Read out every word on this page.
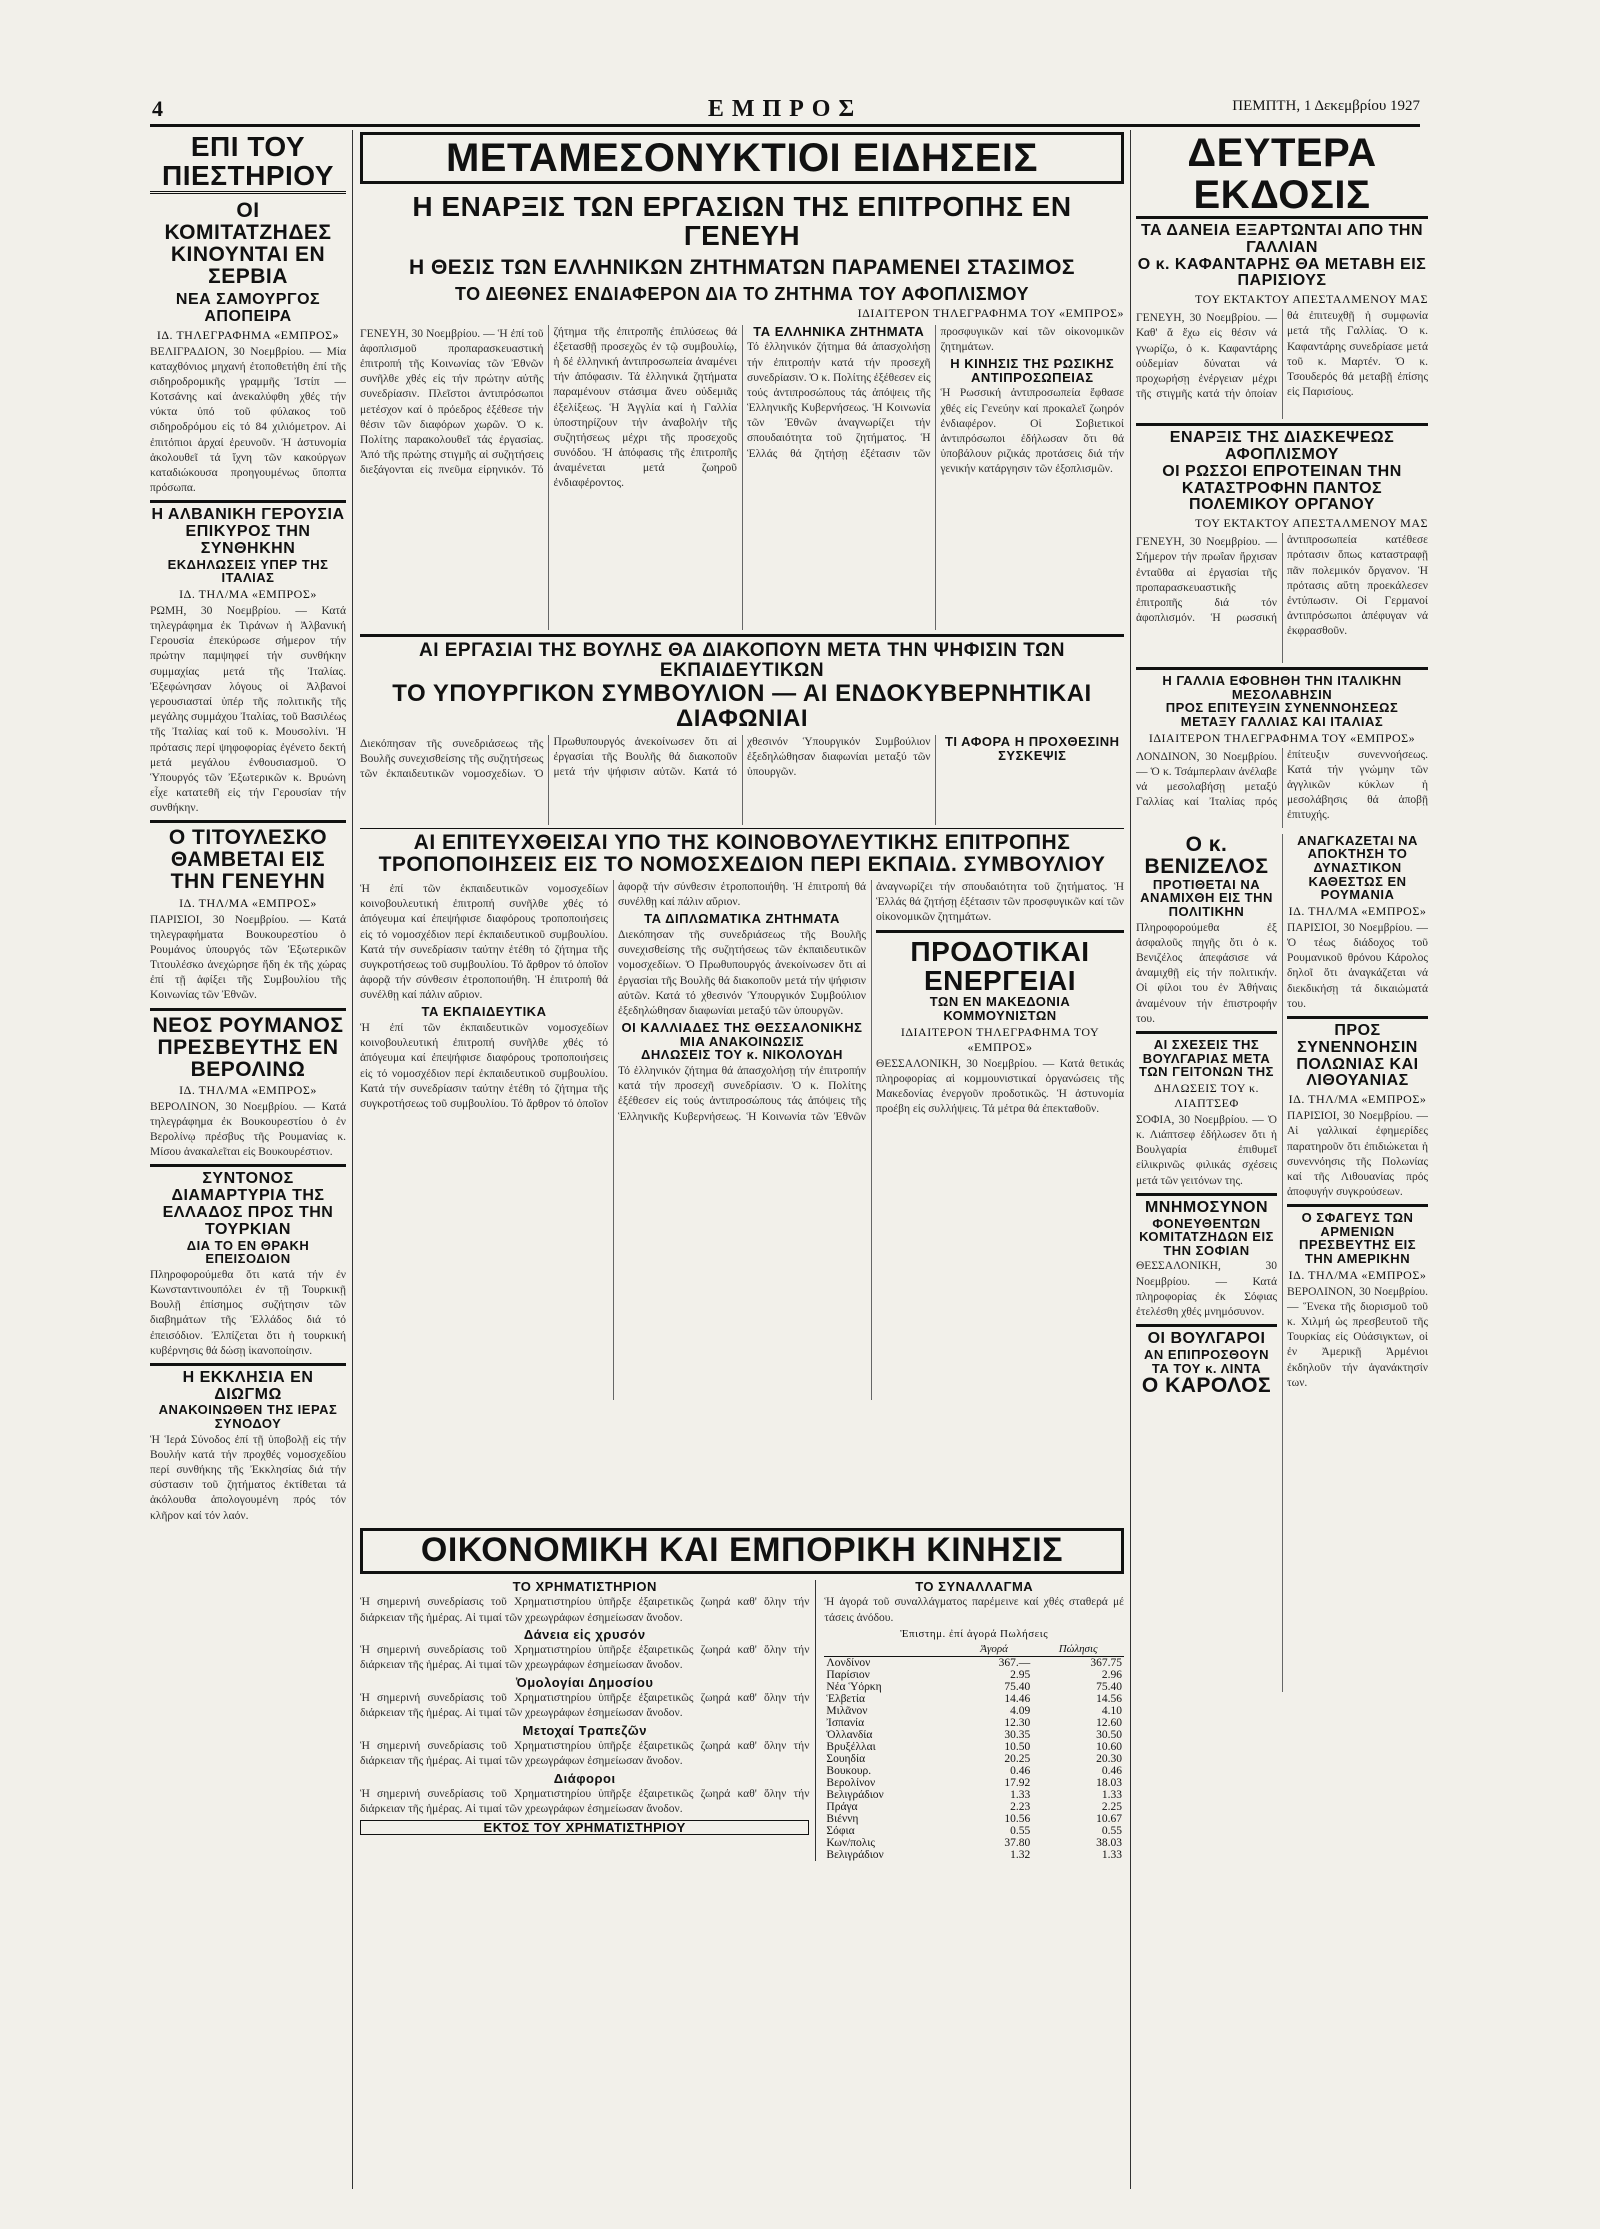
4	ΕΜΠΡΟΣ	ΠΕΜΠΤΗ, 1 Δεκεμβρίου 1927
ΕΠΙ ΤΟΥ ΠΙΕΣΤΗΡΙΟΥ
ΟΙ ΚΟΜΙΤΑΤΖΗΔΕΣ ΚΙΝΟΥΝΤΑΙ ΕΝ ΣΕΡΒΙΑ
ΝΕΑ ΣΑΜΟΥΡΓΟΣ ΑΠΟΠΕΙΡΑ
ΙΔ. ΤΗΛΕΓΡΑΦΗΜΑ «ΕΜΠΡΟΣ»

ΒΕΛΙΓΡΑΔΙΟΝ, 30 Νοεμβρίου. — Μία καταχθόνιος μηχανή ἐτοποθετήθη ἐπί τῆς σιδηροδρομικῆς γραμμῆς Ἰστίπ — Κοτσάνης καί ἀνεκαλύφθη χθές τήν νύκτα ὑπό τοῦ φύλακος τοῦ σιδηροδρόμου εἰς τό 84 χιλιόμετρον. Αἱ ἐπιτόπιοι ἀρχαί ἐρευνοῦν. Ἡ ἀστυνομία ἀκολουθεῖ τά ἴχνη τῶν κακούργων καταδιώκουσα προηγουμένως ὕποπτα πρόσωπα.

Η ΑΛΒΑΝΙΚΗ ΓΕΡΟΥΣΙΑ ΕΠΙΚΥΡΟΣ ΤΗΝ ΣΥΝΘΗΚΗΝ
ΕΚΔΗΛΩΣΕΙΣ ΥΠΕΡ ΤΗΣ ΙΤΑΛΙΑΣ
ΙΔ. ΤΗΛ/ΜΑ «ΕΜΠΡΟΣ»

ΡΩΜΗ, 30 Νοεμβρίου. — Κατά τηλεγράφημα ἐκ Τιράνων ἡ Ἀλβανική Γερουσία ἐπεκύρωσε σήμερον τήν πρώτην παμψηφεί τήν συνθήκην συμμαχίας μετά τῆς Ἰταλίας. Ἐξεφώνησαν λόγους οἱ Ἀλβανοί γερουσιασταί ὑπέρ τῆς πολιτικῆς τῆς μεγάλης συμμάχου Ἰταλίας, τοῦ Βασιλέως τῆς Ἰταλίας καί τοῦ κ. Μουσολίνι. Ἡ πρότασις περί ψηφοφορίας ἐγένετο δεκτή μετά μεγάλου ἐνθουσιασμοῦ. Ὁ Ὑπουργός τῶν Ἐξωτερικῶν κ. Βρυώνη εἶχε κατατεθῆ εἰς τήν Γερουσίαν τήν συνθήκην.

Ο ΤΙΤΟΥΛΕΣΚΟ ΘΑΜΒΕΤΑΙ ΕΙΣ ΤΗΝ ΓΕΝΕΥΗΝ
ΙΔ. ΤΗΛ/ΜΑ «ΕΜΠΡΟΣ»

ΠΑΡΙΣΙΟΙ, 30 Νοεμβρίου. — Κατά τηλεγραφήματα Βουκουρεστίου ὁ Ρουμάνος ὑπουργός τῶν Ἐξωτερικῶν Τιτουλέσκο ἀνεχώρησε ἤδη ἐκ τῆς χώρας ἐπί τῇ ἀφίξει τῆς Συμβουλίου τῆς Κοινωνίας τῶν Ἐθνῶν.

ΝΕΟΣ ΡΟΥΜΑΝΟΣ ΠΡΕΣΒΕΥΤΗΣ ΕΝ ΒΕΡΟΛΙΝΩ
ΙΔ. ΤΗΛ/ΜΑ «ΕΜΠΡΟΣ»

ΒΕΡΟΛΙΝΟΝ, 30 Νοεμβρίου. — Κατά τηλεγράφημα ἐκ Βουκουρεστίου ὁ ἐν Βερολίνῳ πρέσβυς τῆς Ρουμανίας κ. Μίσου ἀνακαλεῖται εἰς Βουκουρέστιον.

ΣΥΝΤΟΝΟΣ ΔΙΑΜΑΡΤΥΡΙΑ ΤΗΣ ΕΛΛΑΔΟΣ ΠΡΟΣ ΤΗΝ ΤΟΥΡΚΙΑΝ
ΔΙΑ ΤΟ ΕΝ ΘΡΑΚΗ ΕΠΕΙΣΟΔΙΟΝ

Πληροφορούμεθα ὅτι κατά τήν ἐν Κωνσταντινουπόλει ἐν τῇ Τουρκικῇ Βουλῇ ἐπίσημος συζήτησιν τῶν διαβημάτων τῆς Ἑλλάδος διά τό ἐπεισόδιον. Ἐλπίζεται ὅτι ἡ τουρκική κυβέρνησις θά δώσῃ ἱκανοποίησιν.

Η ΕΚΚΛΗΣΙΑ ΕΝ ΔΙΩΓΜΩ
ΑΝΑΚΟΙΝΩΘΕΝ ΤΗΣ ΙΕΡΑΣ ΣΥΝΟΔΟΥ

Ἡ Ἱερά Σύνοδος ἐπί τῇ ὑποβολῇ εἰς τήν Βουλήν κατά τήν προχθές νομοσχεδίου περί συνθήκης τῆς Ἐκκλησίας διά τήν σύστασιν τοῦ ζητήματος ἐκτίθεται τά ἀκόλουθα ἀπολογουμένη πρός τόν κλῆρον καί τόν λαόν.

ΜΕΤΑΜΕΣΟΝΥΚΤΙΟΙ ΕΙΔΗΣΕΙΣ
Η ΕΝΑΡΞΙΣ ΤΩΝ ΕΡΓΑΣΙΩΝ ΤΗΣ ΕΠΙΤΡΟΠΗΣ ΕΝ ΓΕΝΕΥΗ
Η ΘΕΣΙΣ ΤΩΝ ΕΛΛΗΝΙΚΩΝ ΖΗΤΗΜΑΤΩΝ ΠΑΡΑΜΕΝΕΙ ΣΤΑΣΙΜΟΣ
ΤΟ ΔΙΕΘΝΕΣ ΕΝΔΙΑΦΕΡΟΝ ΔΙΑ ΤΟ ΖΗΤΗΜΑ ΤΟΥ ΑΦΟΠΛΙΣΜΟΥ
ΙΔΙΑΙΤΕΡΟΝ ΤΗΛΕΓΡΑΦΗΜΑ ΤΟΥ «ΕΜΠΡΟΣ»

ΓΕΝΕΥΗ, 30 Νοεμβρίου. — Ἡ ἐπί τοῦ ἀφοπλισμοῦ προπαρασκευαστική ἐπιτροπή τῆς Κοινωνίας τῶν Ἐθνῶν συνῆλθε χθές εἰς τήν πρώτην αὐτῆς συνεδρίασιν. Πλεῖστοι ἀντιπρόσωποι μετέσχον καί ὁ πρόεδρος ἐξέθεσε τήν θέσιν τῶν διαφόρων χωρῶν. Ὁ κ. Πολίτης παρακολουθεῖ τάς ἐργασίας. Ἀπό τῆς πρώτης στιγμῆς αἱ συζητήσεις διεξάγονται εἰς πνεῦμα εἰρηνικόν. Τό ζήτημα τῆς ἐπιτροπῆς ἐπιλύσεως θά ἐξετασθῇ προσεχῶς ἐν τῷ συμβουλίῳ, ἡ δέ ἑλληνική ἀντιπροσωπεία ἀναμένει τήν ἀπόφασιν. Τά ἑλληνικά ζητήματα παραμένουν στάσιμα ἄνευ οὐδεμιᾶς ἐξελίξεως. Ἡ Ἀγγλία καί ἡ Γαλλία ὑποστηρίζουν τήν ἀναβολήν τῆς συζητήσεως μέχρι τῆς προσεχοῦς συνόδου. Ἡ ἀπόφασις τῆς ἐπιτροπῆς ἀναμένεται μετά ζωηροῦ ἐνδιαφέροντος.

ΤΑ ΕΛΛΗΝΙΚΑ ΖΗΤΗΜΑΤΑ

Τό ἑλληνικόν ζήτημα θά ἀπασχολήσῃ τήν ἐπιτροπήν κατά τήν προσεχῆ συνεδρίασιν. Ὁ κ. Πολίτης ἐξέθεσεν εἰς τούς ἀντιπροσώπους τάς ἀπόψεις τῆς Ἑλληνικῆς Κυβερνήσεως. Ἡ Κοινωνία τῶν Ἐθνῶν ἀναγνωρίζει τήν σπουδαιότητα τοῦ ζητήματος. Ἡ Ἑλλάς θά ζητήσῃ ἐξέτασιν τῶν προσφυγικῶν καί τῶν οἰκονομικῶν ζητημάτων.

Η ΚΙΝΗΣΙΣ ΤΗΣ ΡΩΣΙΚΗΣ ΑΝΤΙΠΡΟΣΩΠΕΙΑΣ

Ἡ Ρωσσική ἀντιπροσωπεία ἔφθασε χθές εἰς Γενεύην καί προκαλεῖ ζωηρόν ἐνδιαφέρον. Οἱ Σοβιετικοί ἀντιπρόσωποι ἐδήλωσαν ὅτι θά ὑποβάλουν ριζικάς προτάσεις διά τήν γενικήν κατάργησιν τῶν ἐξοπλισμῶν.

ΑΙ ΕΡΓΑΣΙΑΙ ΤΗΣ ΒΟΥΛΗΣ ΘΑ ΔΙΑΚΟΠΟΥΝ ΜΕΤΑ ΤΗΝ ΨΗΦΙΣΙΝ ΤΩΝ ΕΚΠΑΙΔΕΥΤΙΚΩΝ
ΤΟ ΥΠΟΥΡΓΙΚΟΝ ΣΥΜΒΟΥΛΙΟΝ — ΑΙ ΕΝΔΟΚΥΒΕΡΝΗΤΙΚΑΙ ΔΙΑΦΩΝΙΑΙ

Διεκόπησαν τῆς συνεδριάσεως τῆς Βουλῆς συνεχισθείσης τῆς συζητήσεως τῶν ἐκπαιδευτικῶν νομοσχεδίων. Ὁ Πρωθυπουργός ἀνεκοίνωσεν ὅτι αἱ ἐργασίαι τῆς Βουλῆς θά διακοποῦν μετά τήν ψήφισιν αὐτῶν. Κατά τό χθεσινόν Ὑπουργικόν Συμβούλιον ἐξεδηλώθησαν διαφωνίαι μεταξύ τῶν ὑπουργῶν.

ΤΙ ΑΦΟΡΑ Η ΠΡΟΧΘΕΣΙΝΗ ΣΥΣΚΕΨΙΣ
ΑΙ ΕΠΙΤΕΥΧΘΕΙΣΑΙ ΥΠΟ ΤΗΣ ΚΟΙΝΟΒΟΥΛΕΥΤΙΚΗΣ ΕΠΙΤΡΟΠΗΣ
ΤΡΟΠΟΠΟΙΗΣΕΙΣ ΕΙΣ ΤΟ ΝΟΜΟΣΧΕΔΙΟΝ ΠΕΡΙ ΕΚΠΑΙΔ. ΣΥΜΒΟΥΛΙΟΥ

Ἡ ἐπί τῶν ἐκπαιδευτικῶν νομοσχεδίων κοινοβουλευτική ἐπιτροπή συνῆλθε χθές τό ἀπόγευμα καί ἐπεψήφισε διαφόρους τροποποιήσεις εἰς τό νομοσχέδιον περί ἐκπαιδευτικοῦ συμβουλίου. Κατά τήν συνεδρίασιν ταύτην ἐτέθη τό ζήτημα τῆς συγκροτήσεως τοῦ συμβουλίου. Τό ἄρθρον τό ὁποῖον ἀφορᾷ τήν σύνθεσιν ἐτροποποιήθη. Ἡ ἐπιτροπή θά συνέλθῃ καί πάλιν αὔριον.

ΤΑ ΕΚΠΑΙΔΕΥΤΙΚΑ

Ἡ ἐπί τῶν ἐκπαιδευτικῶν νομοσχεδίων κοινοβουλευτική ἐπιτροπή συνῆλθε χθές τό ἀπόγευμα καί ἐπεψήφισε διαφόρους τροποποιήσεις εἰς τό νομοσχέδιον περί ἐκπαιδευτικοῦ συμβουλίου. Κατά τήν συνεδρίασιν ταύτην ἐτέθη τό ζήτημα τῆς συγκροτήσεως τοῦ συμβουλίου. Τό ἄρθρον τό ὁποῖον ἀφορᾷ τήν σύνθεσιν ἐτροποποιήθη. Ἡ ἐπιτροπή θά συνέλθῃ καί πάλιν αὔριον.

ΤΑ ΔΙΠΛΩΜΑΤΙΚΑ ΖΗΤΗΜΑΤΑ

Διεκόπησαν τῆς συνεδριάσεως τῆς Βουλῆς συνεχισθείσης τῆς συζητήσεως τῶν ἐκπαιδευτικῶν νομοσχεδίων. Ὁ Πρωθυπουργός ἀνεκοίνωσεν ὅτι αἱ ἐργασίαι τῆς Βουλῆς θά διακοποῦν μετά τήν ψήφισιν αὐτῶν. Κατά τό χθεσινόν Ὑπουργικόν Συμβούλιον ἐξεδηλώθησαν διαφωνίαι μεταξύ τῶν ὑπουργῶν.

ΟΙ ΚΑΛΛΙΑΔΕΣ ΤΗΣ ΘΕΣΣΑΛΟΝΙΚΗΣ
ΜΙΑ ΑΝΑΚΟΙΝΩΣΙΣ
ΔΗΛΩΣΕΙΣ ΤΟΥ κ. ΝΙΚΟΛΟΥΔΗ

Τό ἑλληνικόν ζήτημα θά ἀπασχολήσῃ τήν ἐπιτροπήν κατά τήν προσεχῆ συνεδρίασιν. Ὁ κ. Πολίτης ἐξέθεσεν εἰς τούς ἀντιπροσώπους τάς ἀπόψεις τῆς Ἑλληνικῆς Κυβερνήσεως. Ἡ Κοινωνία τῶν Ἐθνῶν ἀναγνωρίζει τήν σπουδαιότητα τοῦ ζητήματος. Ἡ Ἑλλάς θά ζητήσῃ ἐξέτασιν τῶν προσφυγικῶν καί τῶν οἰκονομικῶν ζητημάτων.

ΠΡΟΔΟΤΙΚΑΙ ΕΝΕΡΓΕΙΑΙ
ΤΩΝ ΕΝ ΜΑΚΕΔΟΝΙΑ ΚΟΜΜΟΥΝΙΣΤΩΝ
ΙΔΙΑΙΤΕΡΟΝ ΤΗΛΕΓΡΑΦΗΜΑ ΤΟΥ «ΕΜΠΡΟΣ»

ΘΕΣΣΑΛΟΝΙΚΗ, 30 Νοεμβρίου. — Κατά θετικάς πληροφορίας αἱ κομμουνιστικαί ὀργανώσεις τῆς Μακεδονίας ἐνεργοῦν προδοτικῶς. Ἡ ἀστυνομία προέβη εἰς συλλήψεις. Τά μέτρα θά ἐπεκταθοῦν.

ΔΕΥΤΕΡΑ ΕΚΔΟΣΙΣ
ΤΑ ΔΑΝΕΙΑ ΕΞΑΡΤΩΝΤΑΙ ΑΠΟ ΤΗΝ ΓΑΛΛΙΑΝ
Ο κ. ΚΑΦΑΝΤΑΡΗΣ ΘΑ ΜΕΤΑΒΗ ΕΙΣ ΠΑΡΙΣΙΟΥΣ
ΤΟΥ ΕΚΤΑΚΤΟΥ ΑΠΕΣΤΑΛΜΕΝΟΥ ΜΑΣ

ΓΕΝΕΥΗ, 30 Νοεμβρίου. — Καθ' ἅ ἔχω εἰς θέσιν νά γνωρίζω, ὁ κ. Καφαντάρης οὐδεμίαν δύναται νά προχωρήσῃ ἐνέργειαν μέχρι τῆς στιγμῆς κατά τήν ὁποίαν θά ἐπιτευχθῇ ἡ συμφωνία μετά τῆς Γαλλίας. Ὁ κ. Καφαντάρης συνεδρίασε μετά τοῦ κ. Μαρτέν. Ὁ κ. Τσουδερός θά μεταβῇ ἐπίσης εἰς Παρισίους.

ΕΝΑΡΞΙΣ ΤΗΣ ΔΙΑΣΚΕΨΕΩΣ ΑΦΟΠΛΙΣΜΟΥ
ΟΙ ΡΩΣΣΟΙ ΕΠΡΟΤΕΙΝΑΝ ΤΗΝ ΚΑΤΑΣΤΡΟΦΗΝ ΠΑΝΤΟΣ ΠΟΛΕΜΙΚΟΥ ΟΡΓΑΝΟΥ
ΤΟΥ ΕΚΤΑΚΤΟΥ ΑΠΕΣΤΑΛΜΕΝΟΥ ΜΑΣ

ΓΕΝΕΥΗ, 30 Νοεμβρίου. — Σήμερον τήν πρωΐαν ἤρχισαν ἐνταῦθα αἱ ἐργασίαι τῆς προπαρασκευαστικῆς ἐπιτροπῆς διά τόν ἀφοπλισμόν. Ἡ ρωσσική ἀντιπροσωπεία κατέθεσε πρότασιν ὅπως καταστραφῇ πᾶν πολεμικόν ὄργανον. Ἡ πρότασις αὕτη προεκάλεσεν ἐντύπωσιν. Οἱ Γερμανοί ἀντιπρόσωποι ἀπέφυγαν νά ἐκφρασθοῦν.

Η ΓΑΛΛΙΑ ΕΦΟΒΗΘΗ ΤΗΝ ΙΤΑΛΙΚΗΝ ΜΕΣΟΛΑΒΗΣΙΝ
ΠΡΟΣ ΕΠΙΤΕΥΞΙΝ ΣΥΝΕΝΝΟΗΣΕΩΣ ΜΕΤΑΞΥ ΓΑΛΛΙΑΣ ΚΑΙ ΙΤΑΛΙΑΣ
ΙΔΙΑΙΤΕΡΟΝ ΤΗΛΕΓΡΑΦΗΜΑ ΤΟΥ «ΕΜΠΡΟΣ»

ΛΟΝΔΙΝΟΝ, 30 Νοεμβρίου. — Ὁ κ. Τσάμπερλαιν ἀνέλαβε νά μεσολαβήσῃ μεταξύ Γαλλίας καί Ἰταλίας πρός ἐπίτευξιν συνεννοήσεως. Κατά τήν γνώμην τῶν ἀγγλικῶν κύκλων ἡ μεσολάβησις θά ἀποβῇ ἐπιτυχής.

Ο κ. ΒΕΝΙΖΕΛΟΣ
ΠΡΟΤΙΘΕΤΑΙ ΝΑ ΑΝΑΜΙΧΘΗ ΕΙΣ ΤΗΝ ΠΟΛΙΤΙΚΗΝ

Πληροφορούμεθα ἐξ ἀσφαλοῦς πηγῆς ὅτι ὁ κ. Βενιζέλος ἀπεφάσισε νά ἀναμιχθῇ εἰς τήν πολιτικήν. Οἱ φίλοι του ἐν Ἀθήναις ἀναμένουν τήν ἐπιστροφήν του.

ΑΙ ΣΧΕΣΕΙΣ ΤΗΣ ΒΟΥΛΓΑΡΙΑΣ ΜΕΤΑ ΤΩΝ ΓΕΙΤΟΝΩΝ ΤΗΣ
ΔΗΛΩΣΕΙΣ ΤΟΥ κ. ΛΙΑΠΤΣΕΦ

ΣΟΦΙΑ, 30 Νοεμβρίου. — Ὁ κ. Λιάπτσεφ ἐδήλωσεν ὅτι ἡ Βουλγαρία ἐπιθυμεῖ εἰλικρινῶς φιλικάς σχέσεις μετά τῶν γειτόνων της.

ΜΝΗΜΟΣΥΝΟΝ
ΦΟΝΕΥΘΕΝΤΩΝ ΚΟΜΙΤΑΤΖΗΔΩΝ ΕΙΣ ΤΗΝ ΣΟΦΙΑΝ

ΘΕΣΣΑΛΟΝΙΚΗ, 30 Νοεμβρίου. — Κατά πληροφορίας ἐκ Σόφιας ἐτελέσθη χθές μνημόσυνον.

ΟΙ ΒΟΥΛΓΑΡΟΙ
ΑΝ ΕΠΙΠΡΟΣΘΟΥΝ ΤΑ ΤΟΥ κ. ΛΙΝΤΑ
Ο ΚΑΡΟΛΟΣ
ΑΝΑΓΚΑΖΕΤΑΙ ΝΑ ΑΠΟΚΤΗΣΗ ΤΟ ΔΥΝΑΣΤΙΚΟΝ ΚΑΘΕΣΤΩΣ ΕΝ ΡΟΥΜΑΝΙΑ
ΙΔ. ΤΗΛ/ΜΑ «ΕΜΠΡΟΣ»

ΠΑΡΙΣΙΟΙ, 30 Νοεμβρίου. — Ὁ τέως διάδοχος τοῦ Ρουμανικοῦ θρόνου Κάρολος δηλοῖ ὅτι ἀναγκάζεται νά διεκδικήσῃ τά δικαιώματά του.

ΠΡΟΣ ΣΥΝΕΝΝΟΗΣΙΝ
ΠΟΛΩΝΙΑΣ ΚΑΙ ΛΙΘΟΥΑΝΙΑΣ
ΙΔ. ΤΗΛ/ΜΑ «ΕΜΠΡΟΣ»

ΠΑΡΙΣΙΟΙ, 30 Νοεμβρίου. — Αἱ γαλλικαί ἐφημερίδες παρατηροῦν ὅτι ἐπιδιώκεται ἡ συνεννόησις τῆς Πολωνίας καί τῆς Λιθουανίας πρός ἀποφυγήν συγκρούσεων.

Ο ΣΦΑΓΕΥΣ ΤΩΝ ΑΡΜΕΝΙΩΝ ΠΡΕΣΒΕΥΤΗΣ ΕΙΣ ΤΗΝ ΑΜΕΡΙΚΗΝ
ΙΔ. ΤΗΛ/ΜΑ «ΕΜΠΡΟΣ»

ΒΕΡΟΛΙΝΟΝ, 30 Νοεμβρίου. — Ἕνεκα τῆς διορισμοῦ τοῦ κ. Χιλμή ὡς πρεσβευτοῦ τῆς Τουρκίας εἰς Οὐάσιγκτων, οἱ ἐν Ἀμερικῇ Ἀρμένιοι ἐκδηλοῦν τήν ἀγανάκτησίν των.

ΟΙΚΟΝΟΜΙΚΗ ΚΑΙ ΕΜΠΟΡΙΚΗ ΚΙΝΗΣΙΣ
ΤΟ ΧΡΗΜΑΤΙΣΤΗΡΙΟΝ

Ἡ σημερινή συνεδρίασις τοῦ Χρηματιστηρίου ὑπῆρξε ἐξαιρετικῶς ζωηρά καθ' ὅλην τήν διάρκειαν τῆς ἡμέρας. Αἱ τιμαί τῶν χρεωγράφων ἐσημείωσαν ἄνοδον.

Δάνεια εἰς χρυσόν

Ἡ σημερινή συνεδρίασις τοῦ Χρηματιστηρίου ὑπῆρξε ἐξαιρετικῶς ζωηρά καθ' ὅλην τήν διάρκειαν τῆς ἡμέρας. Αἱ τιμαί τῶν χρεωγράφων ἐσημείωσαν ἄνοδον.

Ὀμολογίαι Δημοσίου

Ἡ σημερινή συνεδρίασις τοῦ Χρηματιστηρίου ὑπῆρξε ἐξαιρετικῶς ζωηρά καθ' ὅλην τήν διάρκειαν τῆς ἡμέρας. Αἱ τιμαί τῶν χρεωγράφων ἐσημείωσαν ἄνοδον.

Μετοχαί Τραπεζῶν

Ἡ σημερινή συνεδρίασις τοῦ Χρηματιστηρίου ὑπῆρξε ἐξαιρετικῶς ζωηρά καθ' ὅλην τήν διάρκειαν τῆς ἡμέρας. Αἱ τιμαί τῶν χρεωγράφων ἐσημείωσαν ἄνοδον.

Διάφοροι

Ἡ σημερινή συνεδρίασις τοῦ Χρηματιστηρίου ὑπῆρξε ἐξαιρετικῶς ζωηρά καθ' ὅλην τήν διάρκειαν τῆς ἡμέρας. Αἱ τιμαί τῶν χρεωγράφων ἐσημείωσαν ἄνοδον.

ΕΚΤΟΣ ΤΟΥ ΧΡΗΜΑΤΙΣΤΗΡΙΟΥ
ΤΟ ΣΥΝΑΛΛΑΓΜΑ

Ἡ ἀγορά τοῦ συναλλάγματος παρέμεινε καί χθές σταθερά μέ τάσεις ἀνόδου.

Ἐπιστημ. ἐπί ἀγορά Πωλήσεις
	Ἀγορά	Πώλησις
Λονδίνον	367.—	367.75
Παρίσιον	2.95	2.96
Νέα Ὑόρκη	75.40	75.40
Ἑλβετία	14.46	14.56
Μιλᾶνον	4.09	4.10
Ἰσπανία	12.30	12.60
Ὁλλανδία	30.35	30.50
Βρυξέλλαι	10.50	10.60
Σουηδία	20.25	20.30
Βουκουρ.	0.46	0.46
Βερολίνον	17.92	18.03
Βελιγράδιον	1.33	1.33
Πράγα	2.23	2.25
Βιέννη	10.56	10.67
Σόφια	0.55	0.55
Κων/πολις	37.80	38.03
Βελιγράδιον	1.32	1.33
